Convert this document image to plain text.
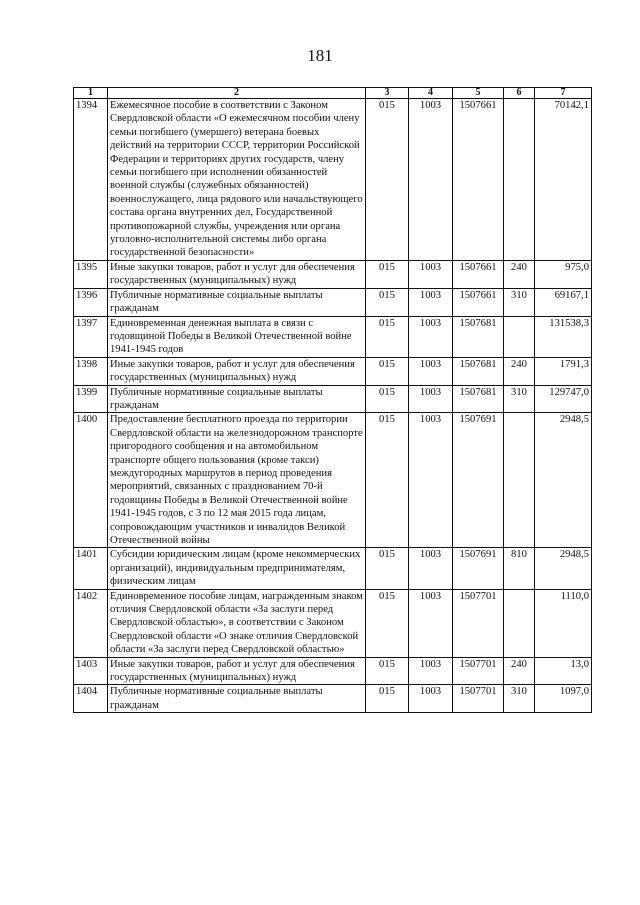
181
1	2	3	4	5	6	7
1394	Ежемесячное пособие в соответствии с Законом Свердловской области «О ежемесячном пособии члену семьи погибшего (умершего) ветерана боевых действий на территории СССР, территории Российской Федерации и территориях других государств, члену семьи погибшего при исполнении обязанностей военной службы (служебных обязанностей) военнослужащего, лица рядового или начальствующего состава органа внутренних дел, Государственной противопожарной службы, учреждения или органа уголовно-исполнительной системы либо органа государственной безопасности»	015	1003	1507661		70142,1
1395	Иные закупки товаров, работ и услуг для обеспечения государственных (муниципальных) нужд	015	1003	1507661	240	975,0
1396	Публичные нормативные социальные выплаты гражданам	015	1003	1507661	310	69167,1
1397	Единовременная денежная выплата в связи с годовщиной Победы в Великой Отечественной войне 1941-1945 годов	015	1003	1507681		131538,3
1398	Иные закупки товаров, работ и услуг для обеспечения государственных (муниципальных) нужд	015	1003	1507681	240	1791,3
1399	Публичные нормативные социальные выплаты гражданам	015	1003	1507681	310	129747,0
1400	Предоставление бесплатного проезда по территории Свердловской области на железнодорожном транспорте пригородного сообщения и на автомобильном транспорте общего пользования (кроме такси) междугородных маршрутов в период проведения мероприятий, связанных с празднованием 70-й годовщины Победы в Великой Отечественной войне 1941-1945 годов, с 3 по 12 мая 2015 года лицам, сопровождающим участников и инвалидов Великой Отечественной войны	015	1003	1507691		2948,5
1401	Субсидии юридическим лицам (кроме некоммерческих организаций), индивидуальным предпринимателям, физическим лицам	015	1003	1507691	810	2948,5
1402	Единовременное пособие лицам, награжденным знаком отличия Свердловской области «За заслуги перед Свердловской областью», в соответствии с Законом Свердловской области «О знаке отличия Свердловской области «За заслуги перед Свердловской областью»	015	1003	1507701		1110,0
1403	Иные закупки товаров, работ и услуг для обеспечения государственных (муниципальных) нужд	015	1003	1507701	240	13,0
1404	Публичные нормативные социальные выплаты гражданам	015	1003	1507701	310	1097,0
